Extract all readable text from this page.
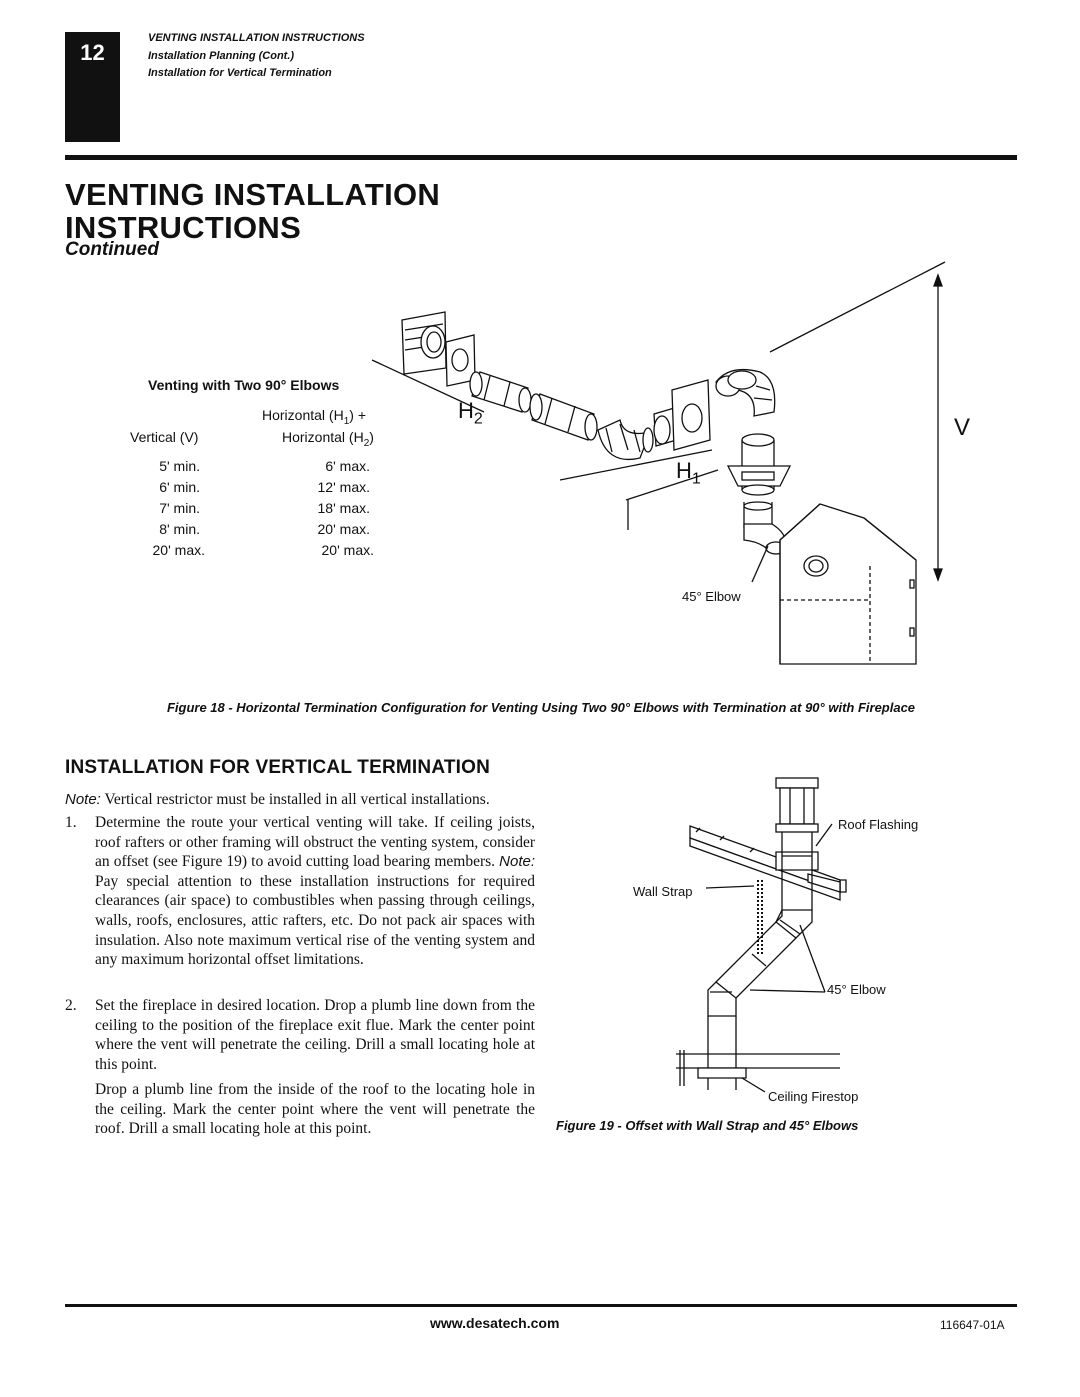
12
VENTING INSTALLATION INSTRUCTIONS
Installation Planning (Cont.)
Installation for Vertical Termination
VENTING INSTALLATION
INSTRUCTIONS
Continued
$H_2$
$H_1$
V
45° Elbow
Venting with Two 90° Elbows
Horizontal $(H_1)$ +
Vertical (V)	Horizontal $(H_2)$
5' min.	6' max.
6' min.	12' max.
7' min.	18' max.
8' min.	20' max.
20' max.	20' max.
Figure 18 - Horizontal Termination Configuration for Venting Using Two 90° Elbows with Termination at 90° with Fireplace
INSTALLATION FOR VERTICAL TERMINATION
Note: Vertical restrictor must be installed in all vertical installations.
1. Determine the route your vertical venting will take. If ceiling joists, roof rafters or other framing will obstruct the venting system, consider an offset (see Figure 19) to avoid cutting load bearing members. Note: Pay special attention to these installation instructions for required clearances (air space) to combustibles when passing through ceilings, walls, roofs, enclosures, attic rafters, etc. Do not pack air spaces with insulation. Also note maximum vertical rise of the venting system and any maximum horizontal offset limitations.
2. Set the fireplace in desired location. Drop a plumb line down from the ceiling to the position of the fireplace exit flue. Mark the center point where the vent will penetrate the ceiling. Drill a small locating hole at this point.
Drop a plumb line from the inside of the roof to the locating hole in the ceiling. Mark the center point where the vent will penetrate the roof. Drill a small locating hole at this point.
Roof Flashing
Wall Strap
45° Elbow
Ceiling Firestop
Figure 19 - Offset with Wall Strap and 45° Elbows
www.desatech.com	116647-01A
